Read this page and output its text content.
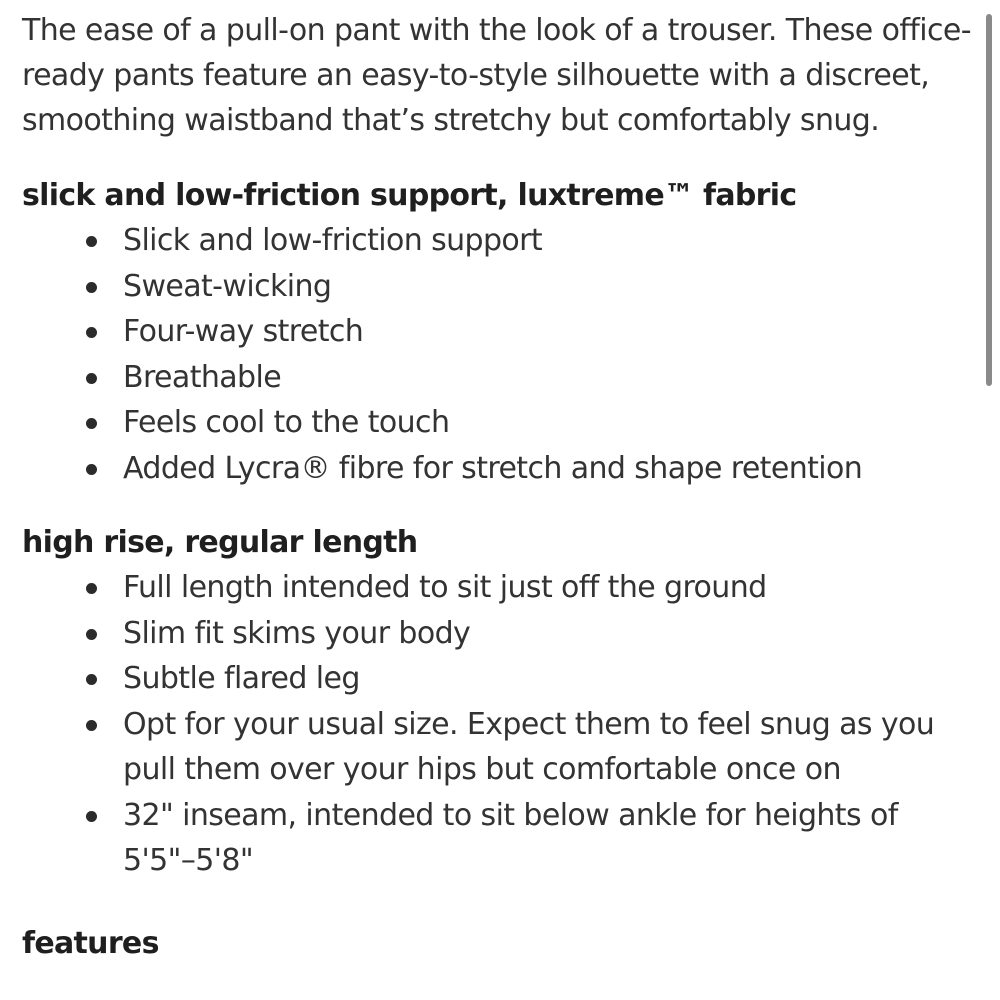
The ease of a pull-on pant with the look of a trouser. These office-ready pants feature an easy-to-style silhouette with a discreet, smoothing waistband that’s stretchy but comfortably snug.

slick and low-friction support, luxtreme™ fabric
Slick and low-friction support
Sweat-wicking
Four-way stretch
Breathable
Feels cool to the touch
Added Lycra® fibre for stretch and shape retention
high rise, regular length
Full length intended to sit just off the ground
Slim fit skims your body
Subtle flared leg
Opt for your usual size. Expect them to feel snug as you pull them over your hips but comfortable once on
32" inseam, intended to sit below ankle for heights of 5'5"–5'8"
features
